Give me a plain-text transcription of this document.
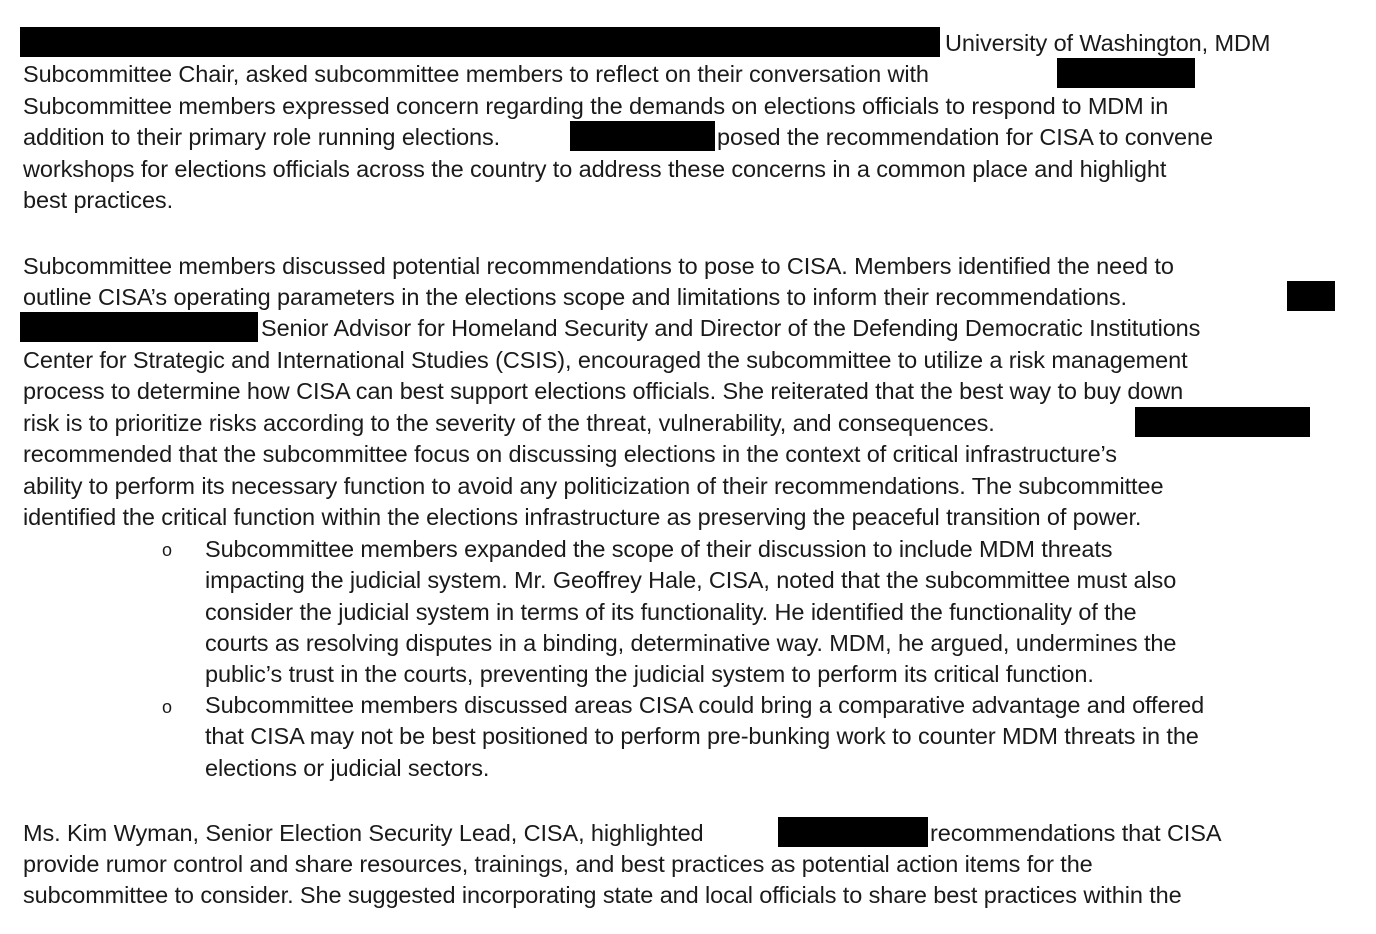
University of Washington, MDM
Subcommittee Chair, asked subcommittee members to reflect on their conversation with
Subcommittee members expressed concern regarding the demands on elections officials to respond to MDM in
addition to their primary role running elections.	posed the recommendation for CISA to convene
workshops for elections officials across the country to address these concerns in a common place and highlight
best practices.
Subcommittee members discussed potential recommendations to pose to CISA. Members identified the need to
outline CISA’s operating parameters in the elections scope and limitations to inform their recommendations.
Senior Advisor for Homeland Security and Director of the Defending Democratic Institutions
Center for Strategic and International Studies (CSIS), encouraged the subcommittee to utilize a risk management
process to determine how CISA can best support elections officials. She reiterated that the best way to buy down
risk is to prioritize risks according to the severity of the threat, vulnerability, and consequences.
recommended that the subcommittee focus on discussing elections in the context of critical infrastructure’s
ability to perform its necessary function to avoid any politicization of their recommendations. The subcommittee
identified the critical function within the elections infrastructure as preserving the peaceful transition of power.
o Subcommittee members expanded the scope of their discussion to include MDM threats
impacting the judicial system. Mr. Geoffrey Hale, CISA, noted that the subcommittee must also
consider the judicial system in terms of its functionality. He identified the functionality of the
courts as resolving disputes in a binding, determinative way. MDM, he argued, undermines the
public’s trust in the courts, preventing the judicial system to perform its critical function.
o Subcommittee members discussed areas CISA could bring a comparative advantage and offered
that CISA may not be best positioned to perform pre-bunking work to counter MDM threats in the
elections or judicial sectors.
Ms. Kim Wyman, Senior Election Security Lead, CISA, highlighted	recommendations that CISA
provide rumor control and share resources, trainings, and best practices as potential action items for the
subcommittee to consider. She suggested incorporating state and local officials to share best practices within the
